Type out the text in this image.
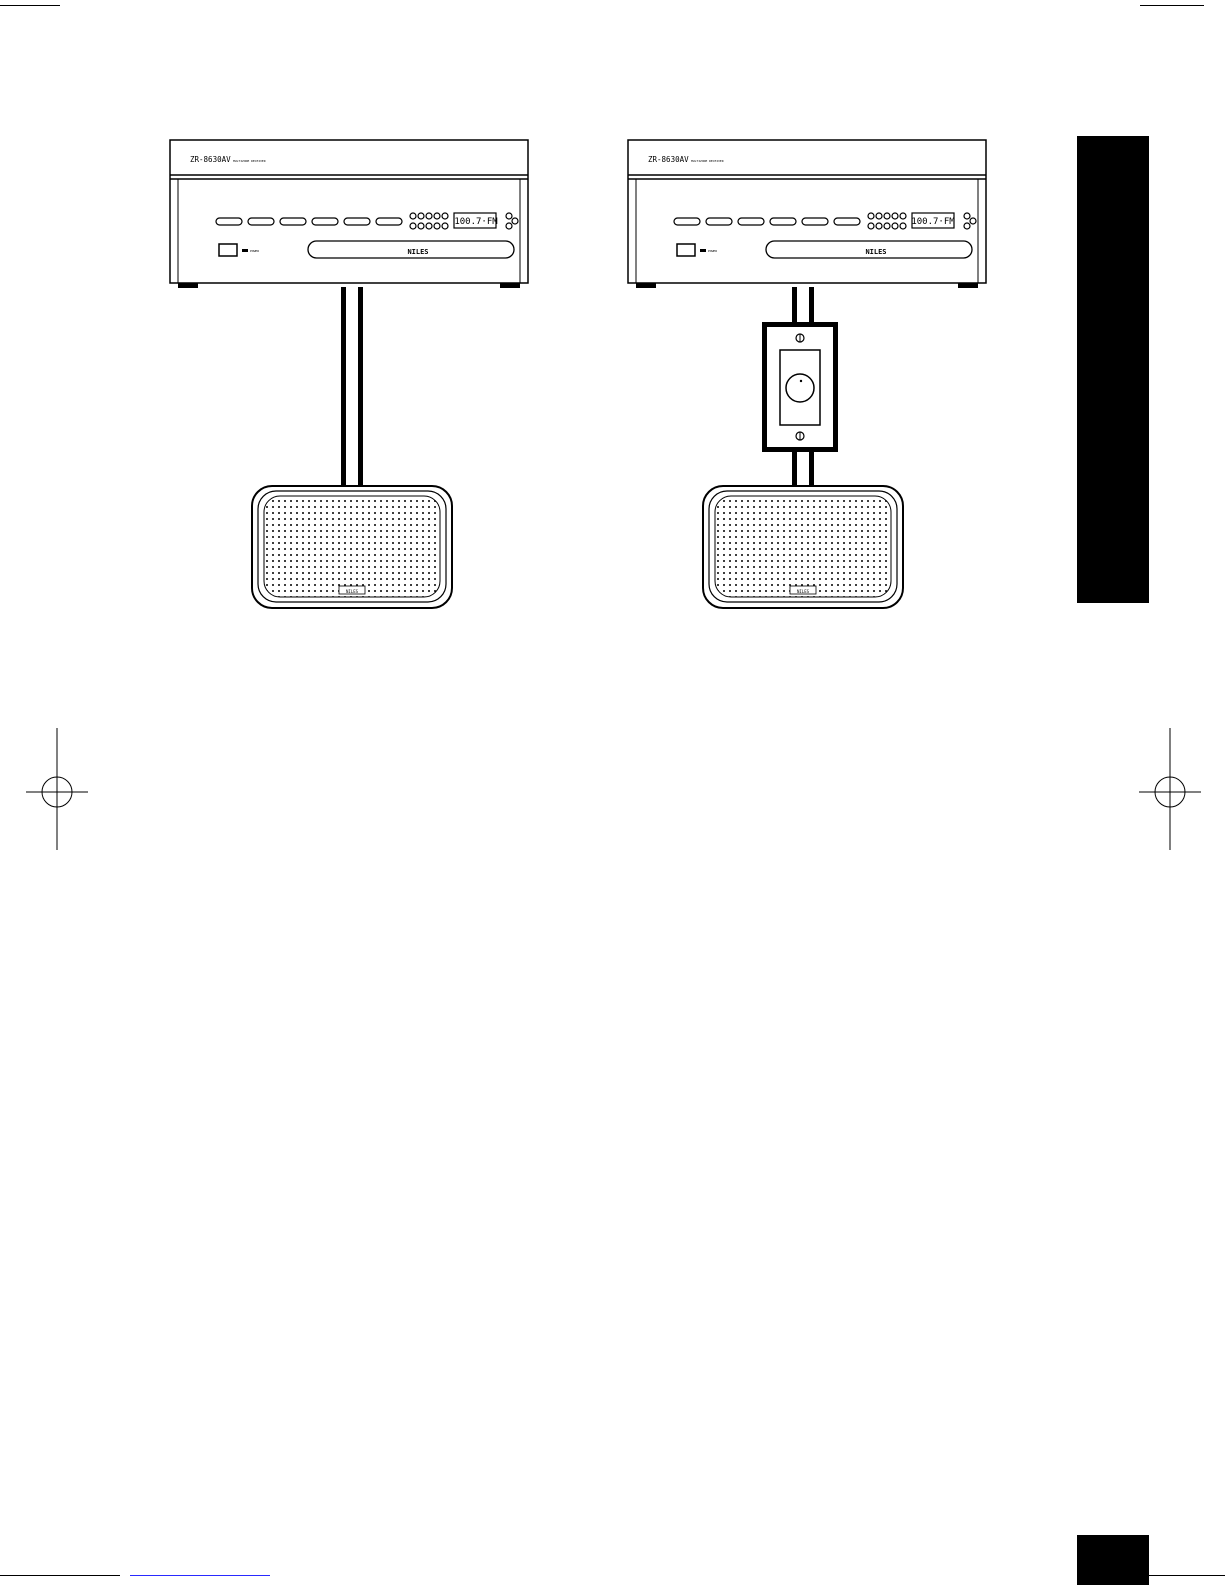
ZR-8630AV MULTIZONE RECEIVER
100.7·FM
POWER	NILES
ZR-8630AV MULTIZONE RECEIVER
100.7·FM
POWER	NILES
NILES	NILES
